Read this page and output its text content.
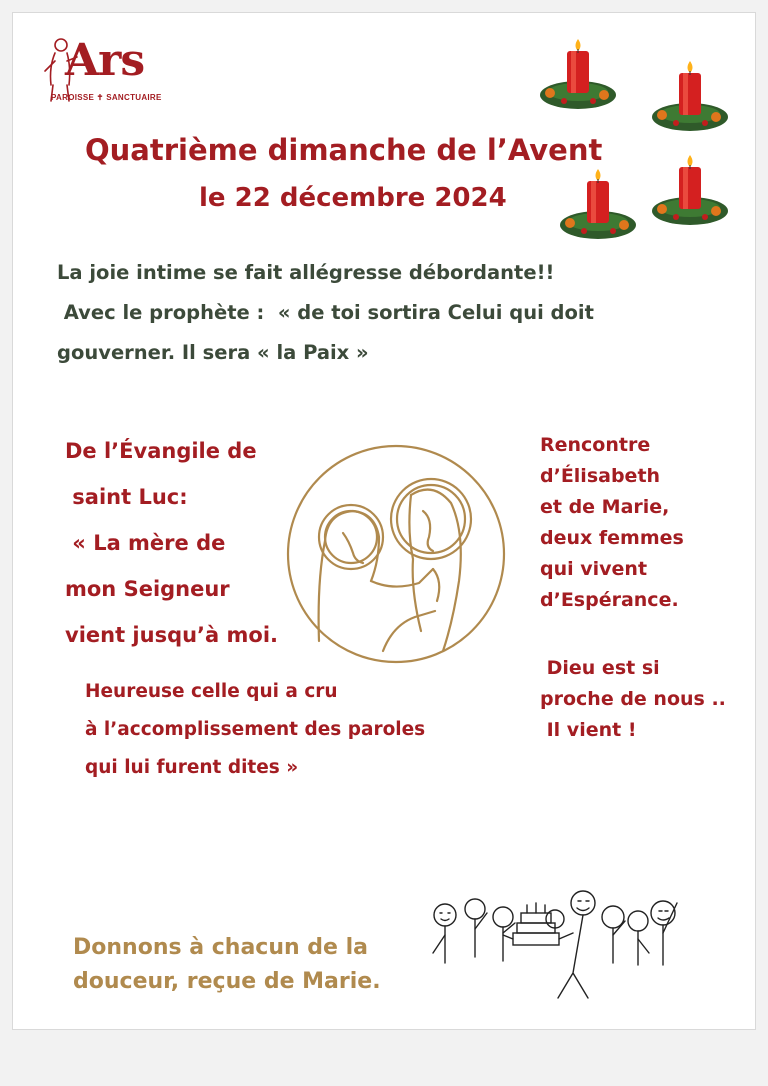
Ars
PAROISSE ✝ SANCTUAIRE
Quatrième dimanche de l’Avent
le 22 décembre 2024
La joie intime se fait allégresse débordante!!
Avec le prophète :  « de toi sortira Celui qui doit
gouverner. Il sera « la Paix »
De l’Évangile de
saint Luc:
« La mère de
mon Seigneur
vient jusqu’à moi.
Heureuse celle qui a cru
à l’accomplissement des paroles
qui lui furent dites »
Rencontre
d’Élisabeth
et de Marie,
deux femmes
qui vivent
d’Espérance.
Dieu est si
proche de nous ..
Il vient !
Donnons à chacun de la
douceur, reçue de Marie.
